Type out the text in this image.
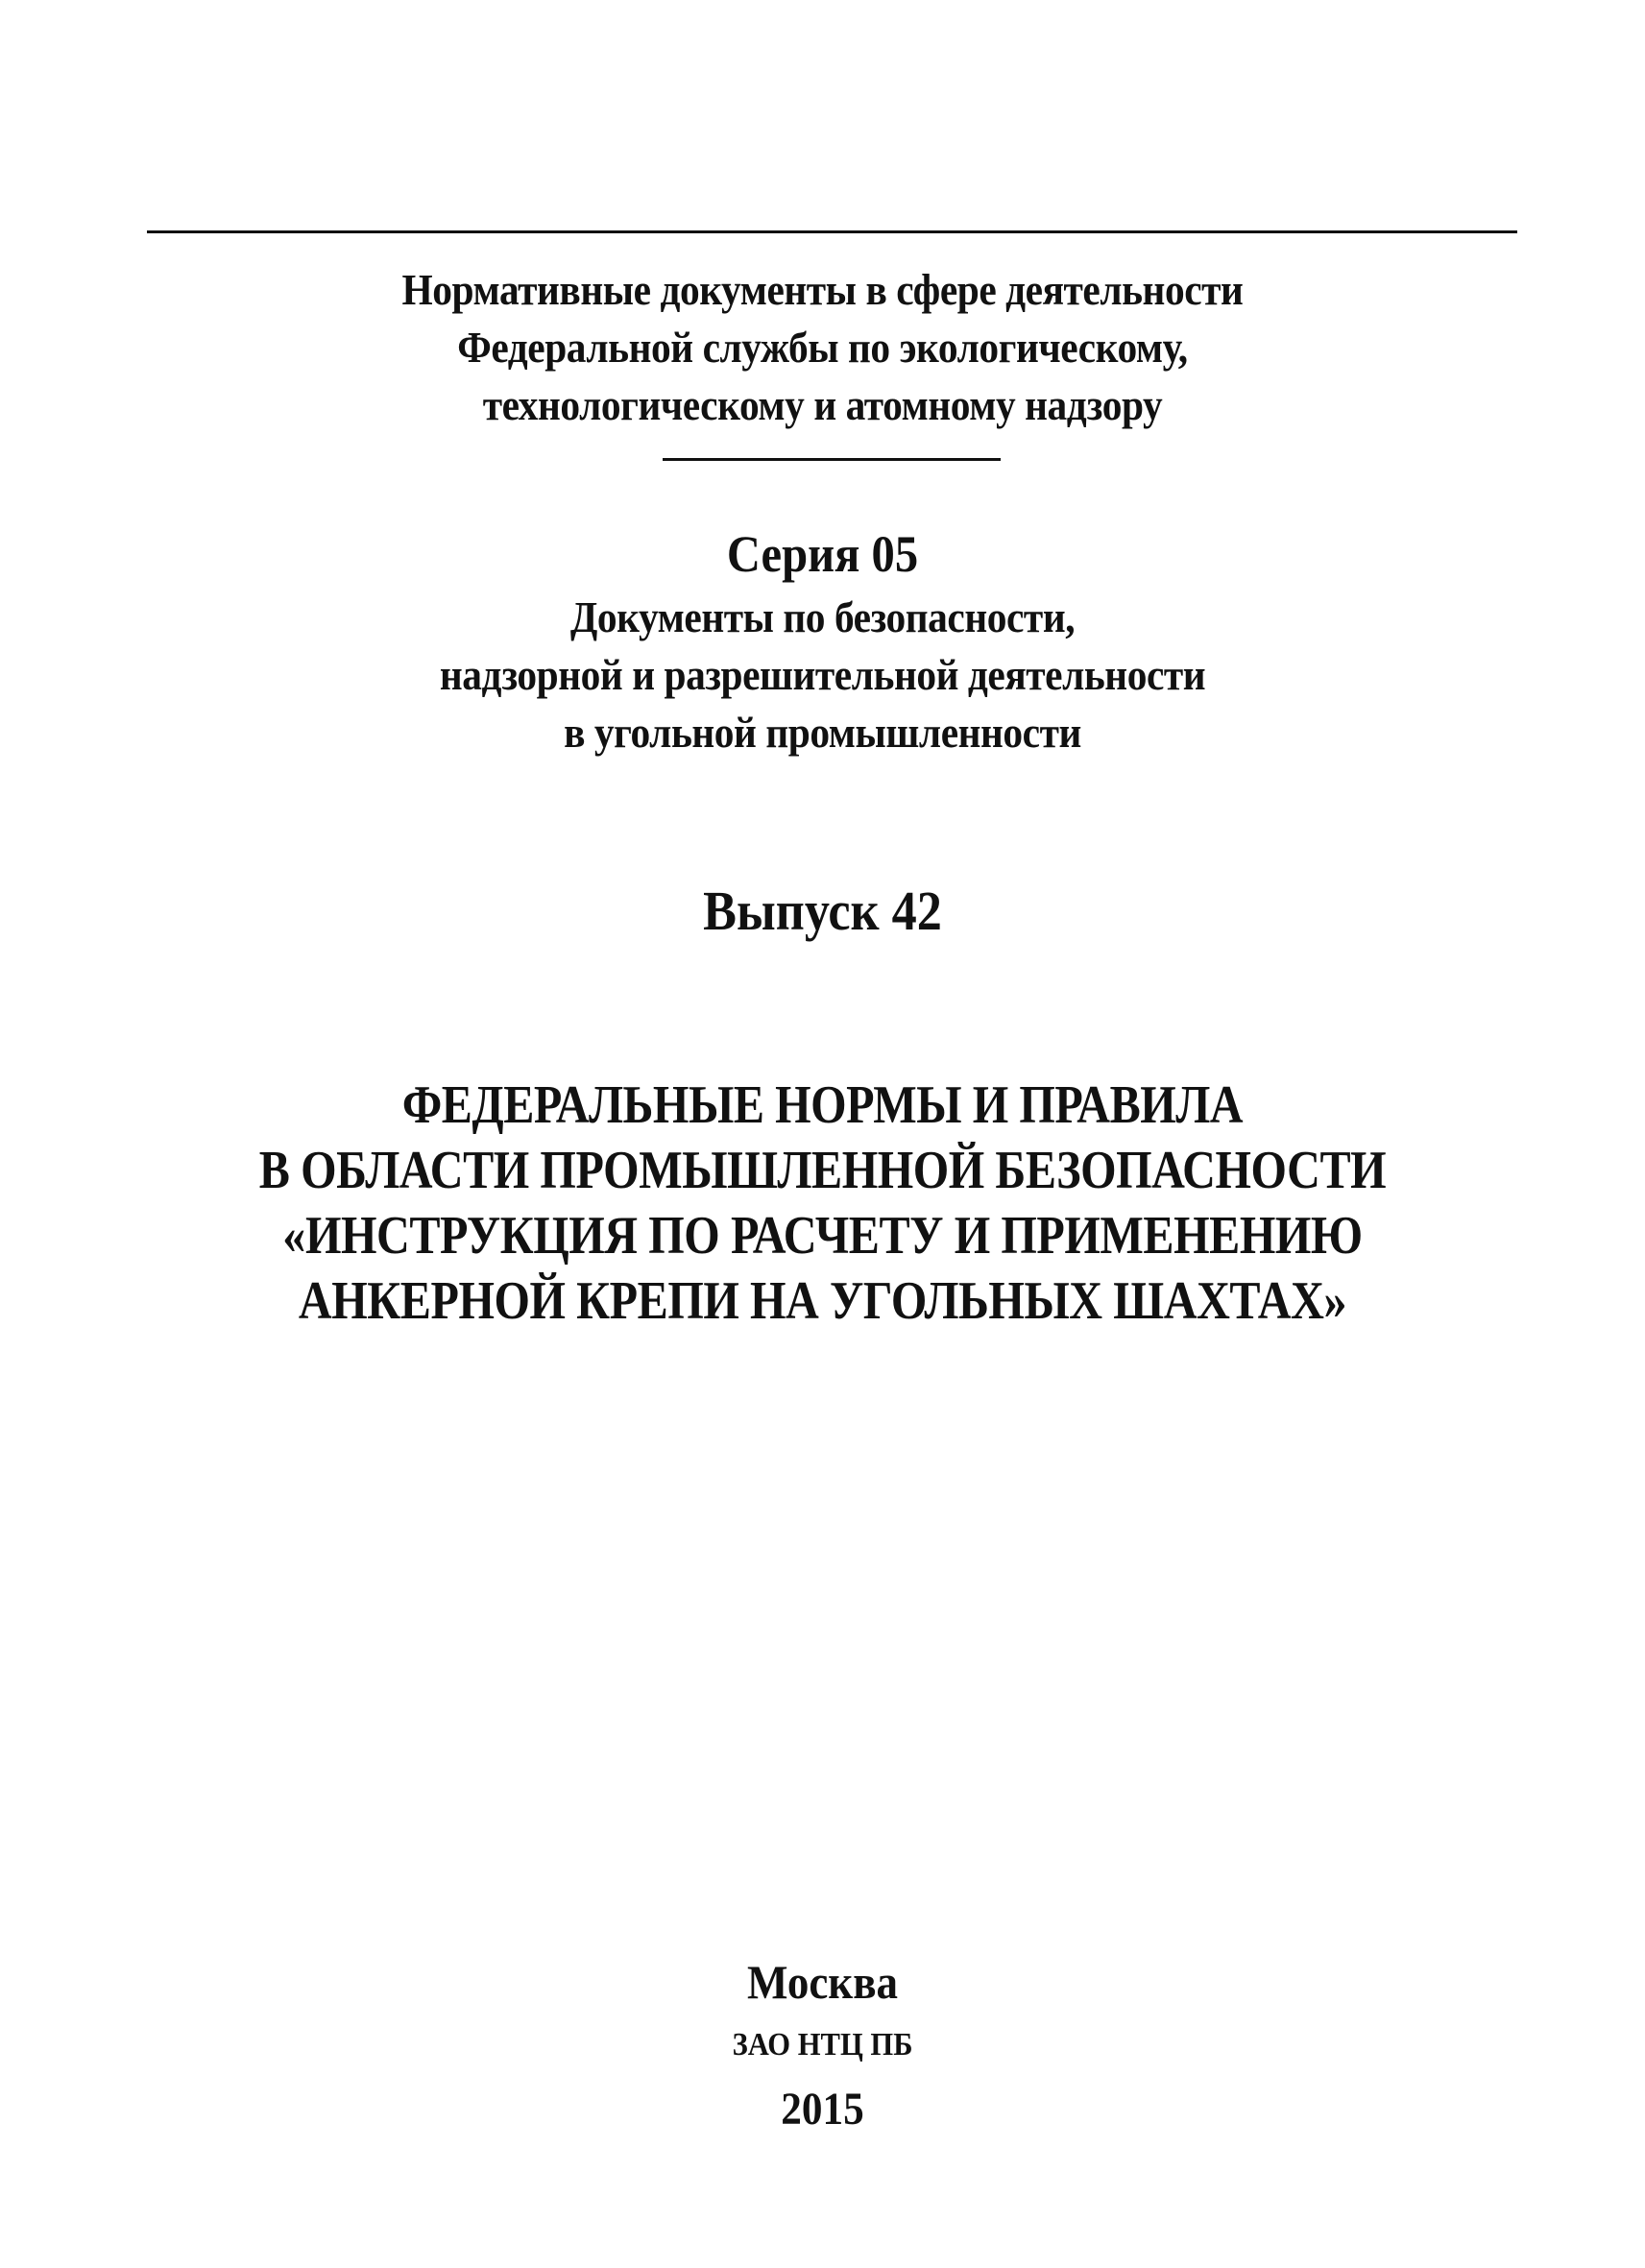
Нормативные документы в сфере деятельности
Федеральной службы по экологическому,
технологическому и атомному надзору
Серия 05
Документы по безопасности,
надзорной и разрешительной деятельности
в угольной промышленности
Выпуск 42
ФЕДЕРАЛЬНЫЕ НОРМЫ И ПРАВИЛА
В ОБЛАСТИ ПРОМЫШЛЕННОЙ БЕЗОПАСНОСТИ
«ИНСТРУКЦИЯ ПО РАСЧЕТУ И ПРИМЕНЕНИЮ
АНКЕРНОЙ КРЕПИ НА УГОЛЬНЫХ ШАХТАХ»
Москва
ЗАО НТЦ ПБ
2015
